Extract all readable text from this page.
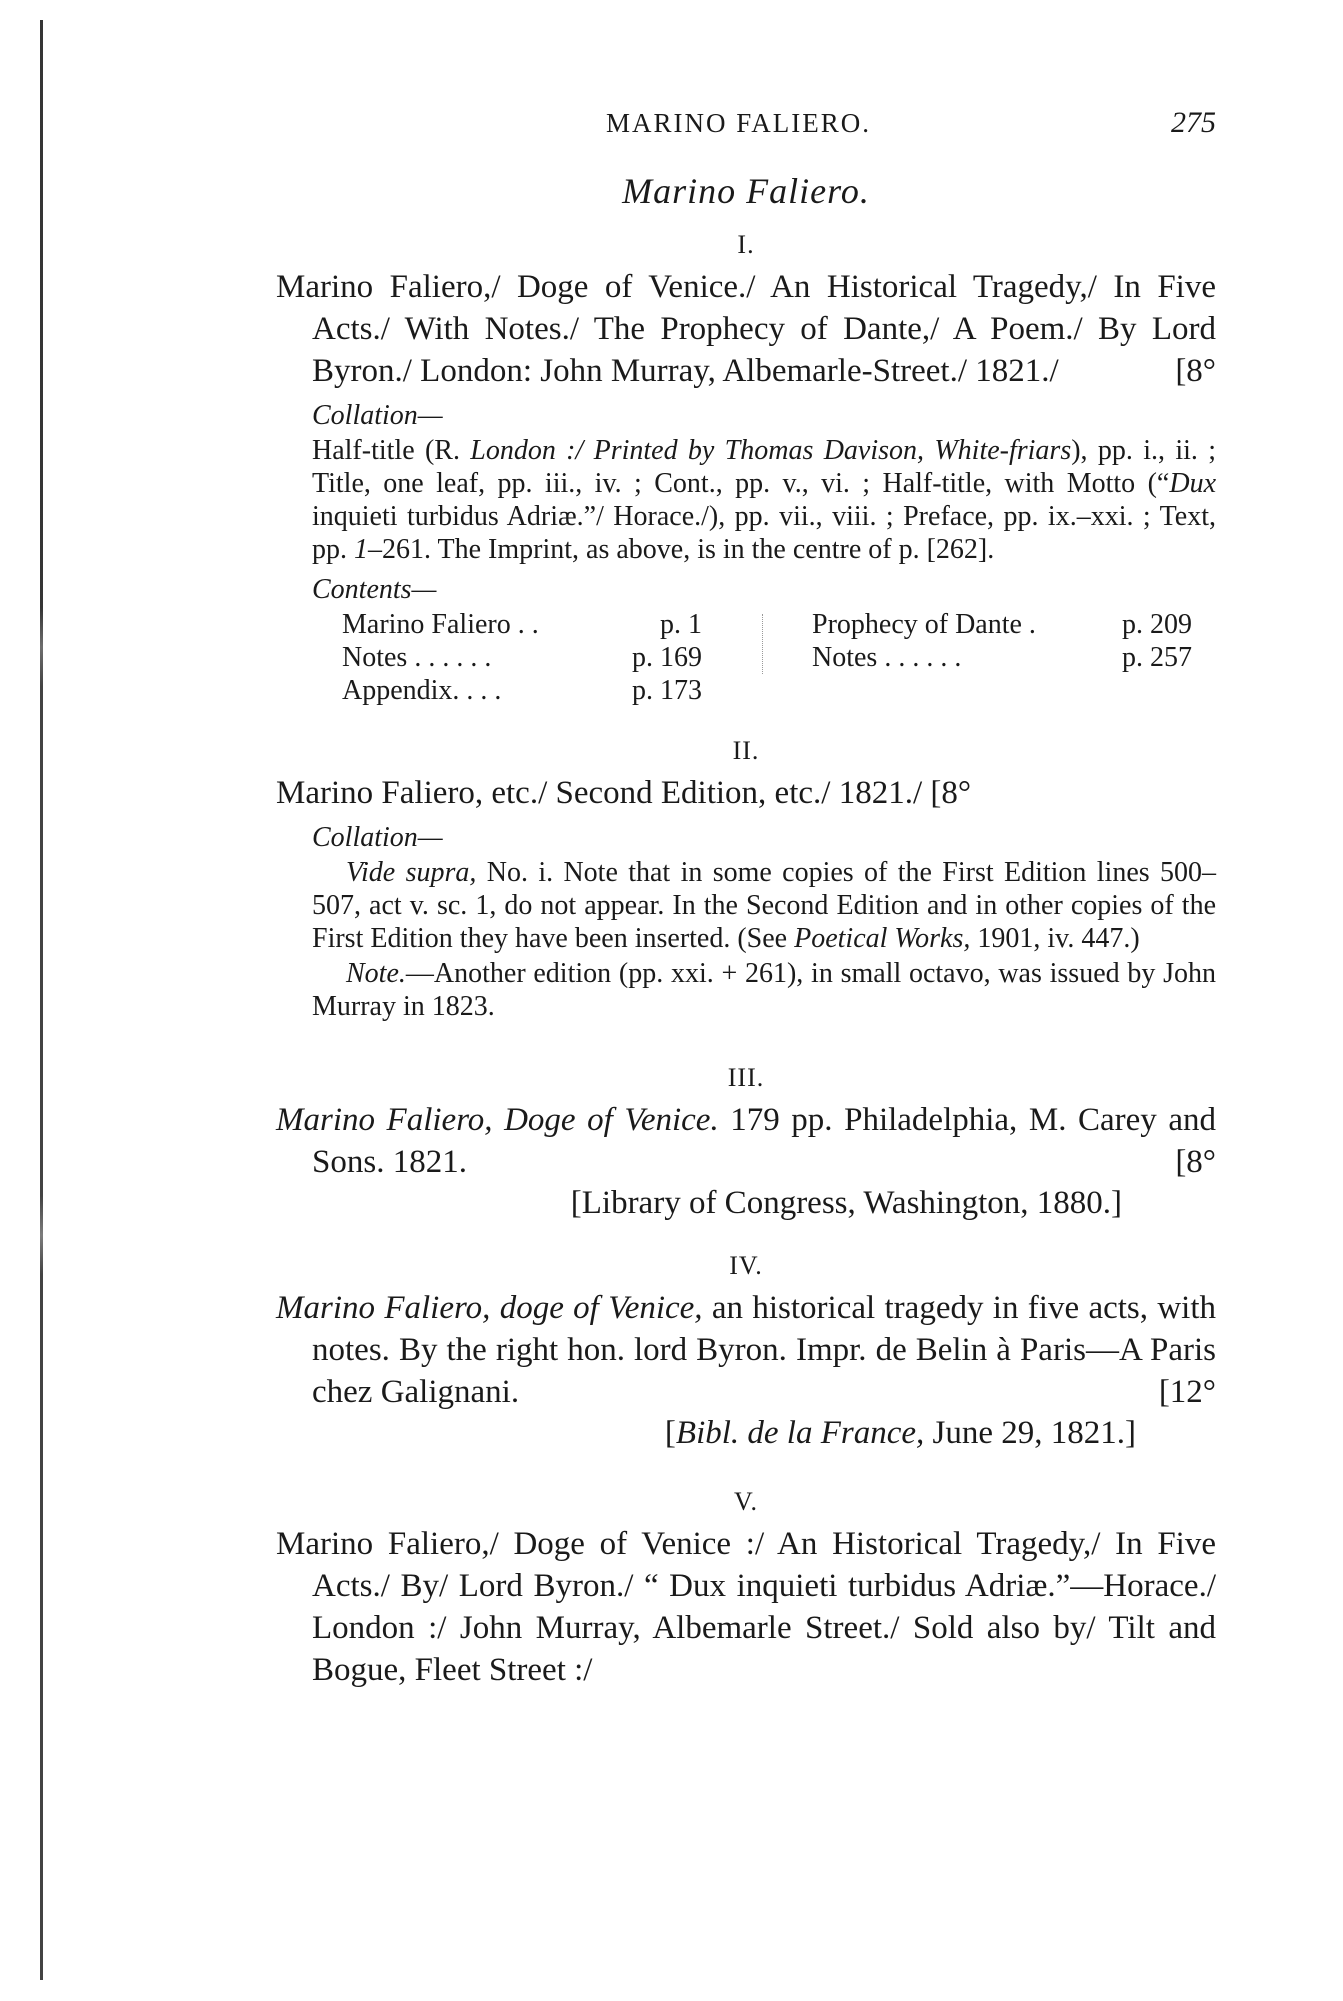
MARINO FALIERO.	275
Marino Faliero.
I.

Marino Faliero,/ Doge of Venice./ An Historical Tragedy,/ In Five Acts./ With Notes./ The Prophecy of Dante,/ A Poem./ By Lord Byron./ London: John Murray, Albemarle-Street./ 1821./	[8°

Collation—

Half-title (R. London :/ Printed by Thomas Davison, White-friars), pp. i., ii. ; Title, one leaf, pp. iii., iv. ; Cont., pp. v., vi. ; Half-title, with Motto (“Dux inquieti turbidus Adriæ.”/ Horace./), pp. vii., viii. ; Preface, pp. ix.–xxi. ; Text, pp. 1–261. The Imprint, as above, is in the centre of p. [262].

Contents—
Marino Faliero . .	p. 1
Notes . . . . . .	p. 169
Appendix. . . .	p. 173
Prophecy of Dante .	p. 209
Notes . . . . . .	p. 257
II.

Marino Faliero, etc./ Second Edition, etc./ 1821./ [8°

Collation—

Vide supra, No. i. Note that in some copies of the First Edition lines 500–507, act v. sc. 1, do not appear. In the Second Edition and in other copies of the First Edition they have been inserted. (See Poetical Works, 1901, iv. 447.)

Note.—Another edition (pp. xxi. + 261), in small octavo, was issued by John Murray in 1823.

III.

Marino Faliero, Doge of Venice. 179 pp. Philadelphia, M. Carey and Sons. 1821.	[8°

[Library of Congress, Washington, 1880.]
IV.

Marino Faliero, doge of Venice, an historical tragedy in five acts, with notes. By the right hon. lord Byron. Impr. de Belin à Paris—A Paris chez Galignani.	[12°

[Bibl. de la France, June 29, 1821.]
V.

Marino Faliero,/ Doge of Venice :/ An Historical Tragedy,/ In Five Acts./ By/ Lord Byron./ “ Dux inquieti turbidus Adriæ.”—Horace./ London :/ John Murray, Albemarle Street./ Sold also by/ Tilt and Bogue, Fleet Street :/
